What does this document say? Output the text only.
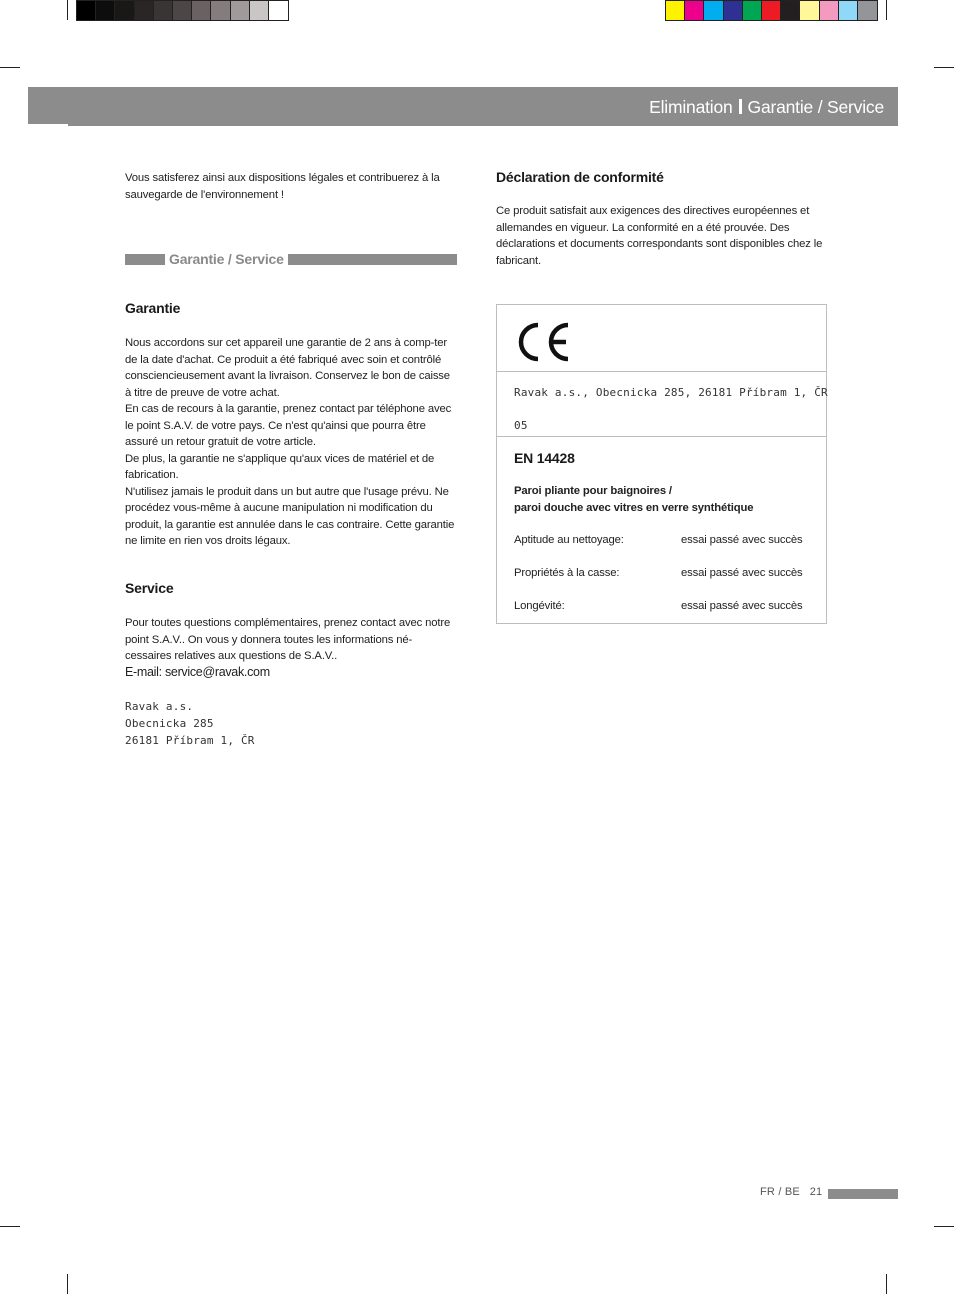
Elimination Garantie / Service
Vous satisferez ainsi aux dispositions légales et contribuerez à la sauvegarde de l'environnement !
Garantie / Service
Garantie
Nous accordons sur cet appareil une garantie de 2 ans à comp-ter de la date d'achat. Ce produit a été fabriqué avec soin et contrôlé consciencieusement avant la livraison. Conservez le bon de caisse à titre de preuve de votre achat.
En cas de recours à la garantie, prenez contact par téléphone avec le point S.A.V. de votre pays. Ce n'est qu'ainsi que pourra être assuré un retour gratuit de votre article.
De plus, la garantie ne s'applique qu'aux vices de matériel et de fabrication.
N'utilisez jamais le produit dans un but autre que l'usage prévu. Ne procédez vous-même à aucune manipulation ni modification du produit, la garantie est annulée dans le cas contraire. Cette garantie ne limite en rien vos droits légaux.
Service
Pour toutes questions complémentaires, prenez contact avec notre point S.A.V.. On vous y donnera toutes les informations né-cessaires relatives aux questions de S.A.V..
E-mail: service@ravak.com
Ravak a.s.
Obecnicka 285
26181 Příbram 1, ČR
Déclaration de conformité
Ce produit satisfait aux exigences des directives européennes et allemandes en vigueur. La conformité en a été prouvée. Des déclarations et documents correspondants sont disponibles chez le fabricant.
Ravak a.s., Obecnicka 285, 26181 Příbram 1, ČR
05
EN 14428
Paroi pliante pour baignoires /
paroi douche avec vitres en verre synthétique
Aptitude au nettoyage:	essai passé avec succès
Propriétés à la casse:	essai passé avec succès
Longévité:	essai passé avec succès
FR / BE 21
